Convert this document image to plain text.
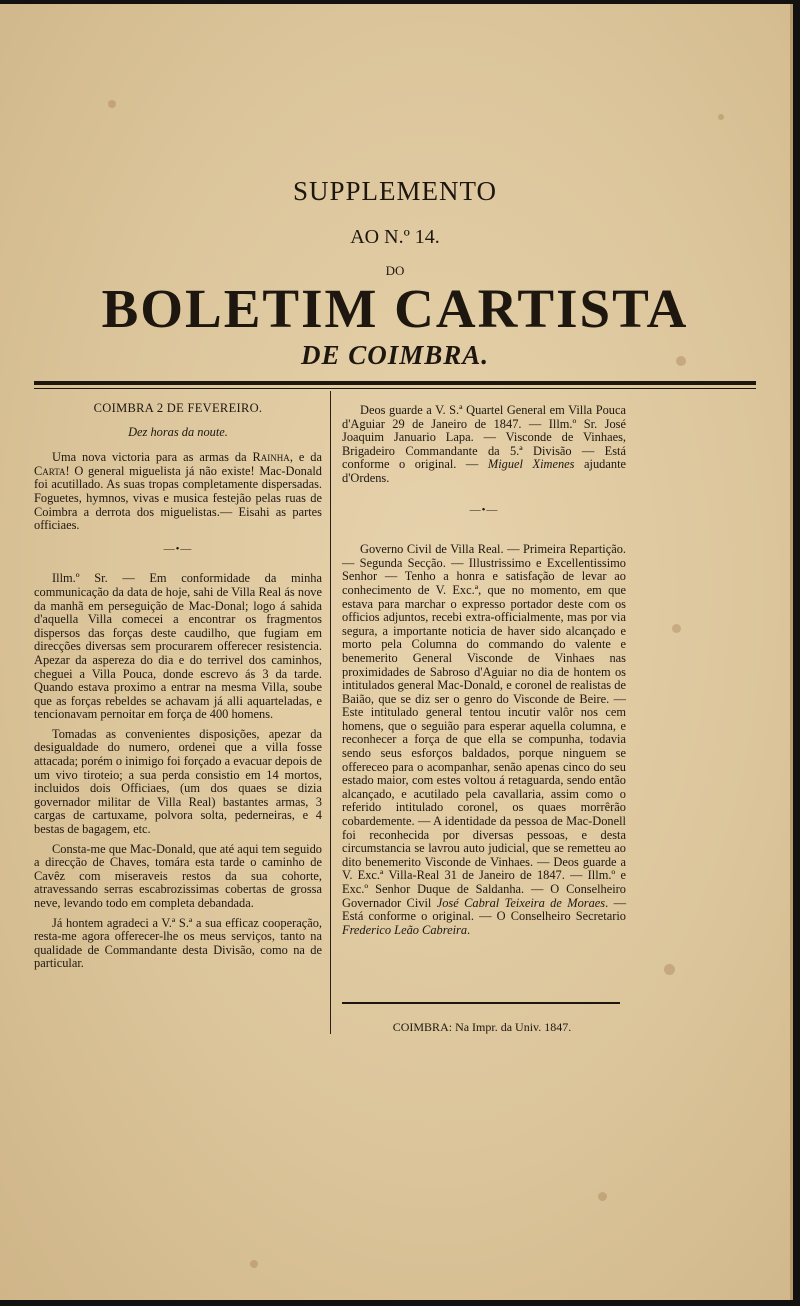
SUPPLEMENTO
AO N.º 14.
DO
BOLETIM CARTISTA
DE COIMBRA.
COIMBRA 2 DE FEVEREIRO.
Dez horas da noute.

Uma nova victoria para as armas da Rainha, e da Carta! O general miguelista já não existe! Mac-Donald foi acutillado. As suas tropas completamente dispersadas. Foguetes, hymnos, vivas e musica festejão pelas ruas de Coimbra a derrota dos miguelistas.— Eisahi as partes officiaes.

—•—

Illm.º Sr. — Em conformidade da minha communicação da data de hoje, sahi de Villa Real ás nove da manhã em perseguição de Mac-Donal; logo á sahida d'aquella Villa comecei a encontrar os fragmentos dispersos das forças deste caudilho, que fugiam em direcções diversas sem procurarem offerecer resistencia. Apezar da aspereza do dia e do terrivel dos caminhos, cheguei a Villa Pouca, donde escrevo ás 3 da tarde. Quando estava proximo a entrar na mesma Villa, soube que as forças rebeldes se achavam já alli aquarteladas, e tencionavam pernoitar em força de 400 homens.

Tomadas as convenientes disposições, apezar da desigualdade do numero, ordenei que a villa fosse attacada; porém o inimigo foi forçado a evacuar depois de um vivo tiroteio; a sua perda consistio em 14 mortos, incluidos dois Officiaes, (um dos quaes se dizia governador militar de Villa Real) bastantes armas, 3 cargas de cartuxame, polvora solta, pederneiras, e 4 bestas de bagagem, etc.

Consta-me que Mac-Donald, que até aqui tem seguido a direcção de Chaves, tomára esta tarde o caminho de Cavêz com miseraveis restos da sua cohorte, atravessando serras escabrozissimas cobertas de grossa neve, levando todo em completa debandada.

Já hontem agradeci a V.ª S.ª a sua efficaz cooperação, resta-me agora offerecer-lhe os meus serviços, tanto na qualidade de Commandante desta Divisão, como na de particular.

Deos guarde a V. S.ª Quartel General em Villa Pouca d'Aguiar 29 de Janeiro de 1847. — Illm.º Sr. José Joaquim Januario Lapa. — Visconde de Vinhaes, Brigadeiro Commandante da 5.ª Divisão — Está conforme o original. — Miguel Ximenes ajudante d'Ordens.

—•—

Governo Civil de Villa Real. — Primeira Repartição. — Segunda Secção. — Illustrissimo e Excellentissimo Senhor — Tenho a honra e satisfação de levar ao conhecimento de V. Exc.ª, que no momento, em que estava para marchar o expresso portador deste com os officios adjuntos, recebi extra-officialmente, mas por via segura, a importante noticia de haver sido alcançado e morto pela Columna do commando do valente e benemerito General Visconde de Vinhaes nas proximidades de Sabroso d'Aguiar no dia de hontem os intitulados general Mac-Donald, e coronel de realistas de Baião, que se diz ser o genro do Visconde de Beire. — Este intitulado general tentou incutir valôr nos cem homens, que o seguião para esperar aquella columna, e reconhecer a força de que ella se compunha, todavia sendo seus esforços baldados, porque ninguem se offereceo para o acompanhar, senão apenas cinco do seu estado maior, com estes voltou á retaguarda, sendo então alcançado, e acutilado pela cavallaria, assim como o referido intitulado coronel, os quaes morrêrão cobardemente. — A identidade da pessoa de Mac-Donell foi reconhecida por diversas pessoas, e desta circumstancia se lavrou auto judicial, que se remetteu ao dito benemerito Visconde de Vinhaes. — Deos guarde a V. Exc.ª Villa-Real 31 de Janeiro de 1847. — Illm.º e Exc.º Senhor Duque de Saldanha. — O Conselheiro Governador Civil José Cabral Teixeira de Moraes. — Está conforme o original. — O Conselheiro Secretario Frederico Leão Cabreira.

COIMBRA: Na Impr. da Univ. 1847.
